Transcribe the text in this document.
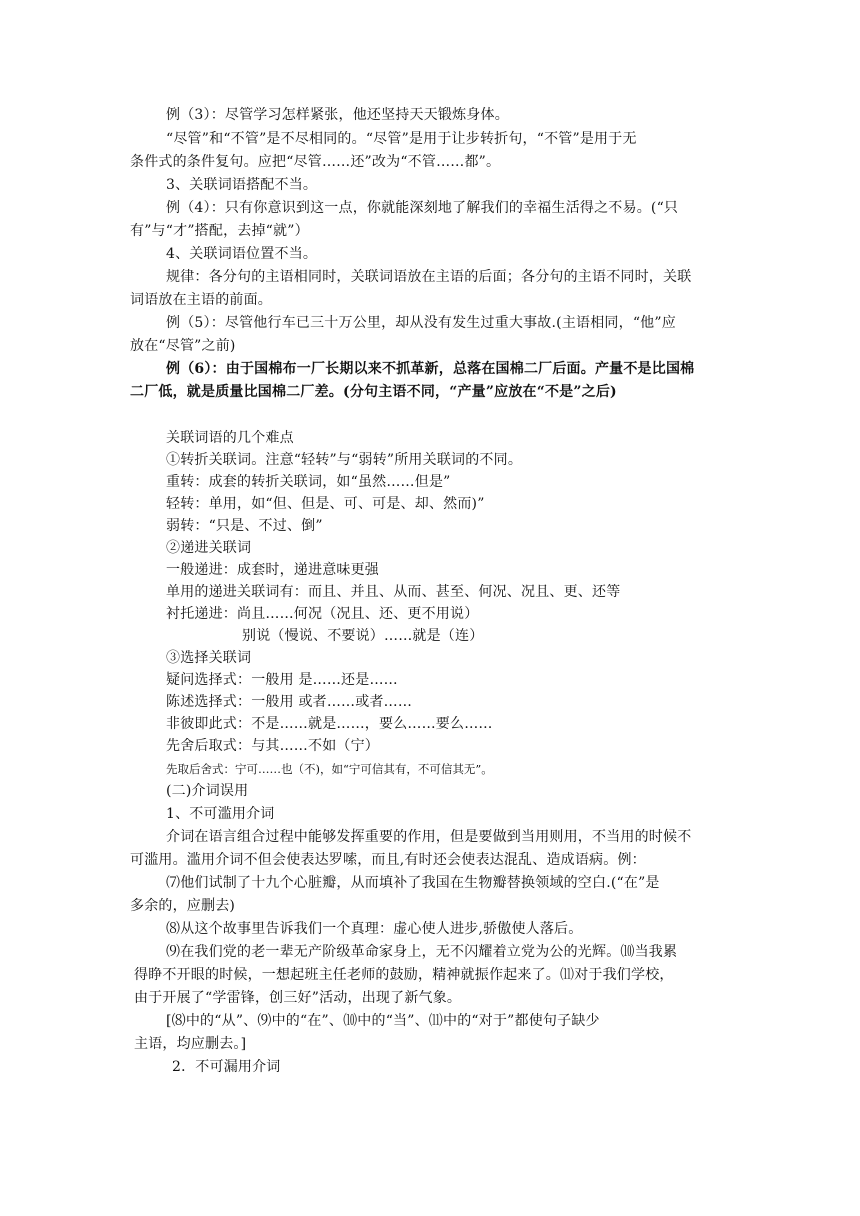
例（3）：尽管学习怎样紧张，他还坚持天天锻炼身体。

“尽管”和“不管”是不尽相同的。“尽管”是用于让步转折句，“不管”是用于无

条件式的条件复句。应把“尽管……还”改为“不管……都”。

3、关联词语搭配不当。

例（4）：只有你意识到这一点，你就能深刻地了解我们的幸福生活得之不易。(“只

有”与“才”搭配，去掉“就”）

4、关联词语位置不当。

规律：各分句的主语相同时，关联词语放在主语的后面；各分句的主语不同时，关联

词语放在主语的前面。

例（5）：尽管他行车已三十万公里，却从没有发生过重大事故.(主语相同，“他”应

放在“尽管”之前)

例（6）：由于国棉布一厂长期以来不抓革新，总落在国棉二厂后面。产量不是比国棉

二厂低，就是质量比国棉二厂差。(分句主语不同，“产量”应放在“不是”之后)

关联词语的几个难点

①转折关联词。注意“轻转”与“弱转”所用关联词的不同。

重转：成套的转折关联词，如“虽然……但是”

轻转：单用，如“但、但是、可、可是、却、然而)”

弱转：“只是、不过、倒”

②递进关联词

一般递进：成套时，递进意味更强

单用的递进关联词有：而且、并且、从而、甚至、何况、况且、更、还等

衬托递进：尚且……何况（况且、还、更不用说）

别说（慢说、不要说）……就是（连）

③选择关联词

疑问选择式：一般用 是……还是……

陈述选择式：一般用 或者……或者……

非彼即此式：不是……就是……，要么……要么……

先舍后取式：与其……不如（宁）

先取后舍式：宁可……也（不)，如“宁可信其有，不可信其无”。

(二)介词误用

1、不可滥用介词

介词在语言组合过程中能够发挥重要的作用，但是要做到当用则用，不当用的时候不

可滥用。滥用介词不但会使表达罗嗦，而且,有时还会使表达混乱、造成语病。例：

⑺他们试制了十九个心脏瓣，从而填补了我国在生物瓣替换领域的空白.(“在”是

多余的，应删去)

⑻从这个故事里告诉我们一个真理：虚心使人进步,骄傲使人落后。

⑼在我们党的老一辈无产阶级革命家身上，无不闪耀着立党为公的光辉。⑽当我累

得睁不开眼的时候，一想起班主任老师的鼓励，精神就振作起来了。⑾对于我们学校，

由于开展了“学雷锋，创三好”活动，出现了新气象。

[⑻中的“从”、⑼中的“在”、⑽中的“当”、⑾中的“对于”都使句子缺少

主语，均应删去。]

2．不可漏用介词
